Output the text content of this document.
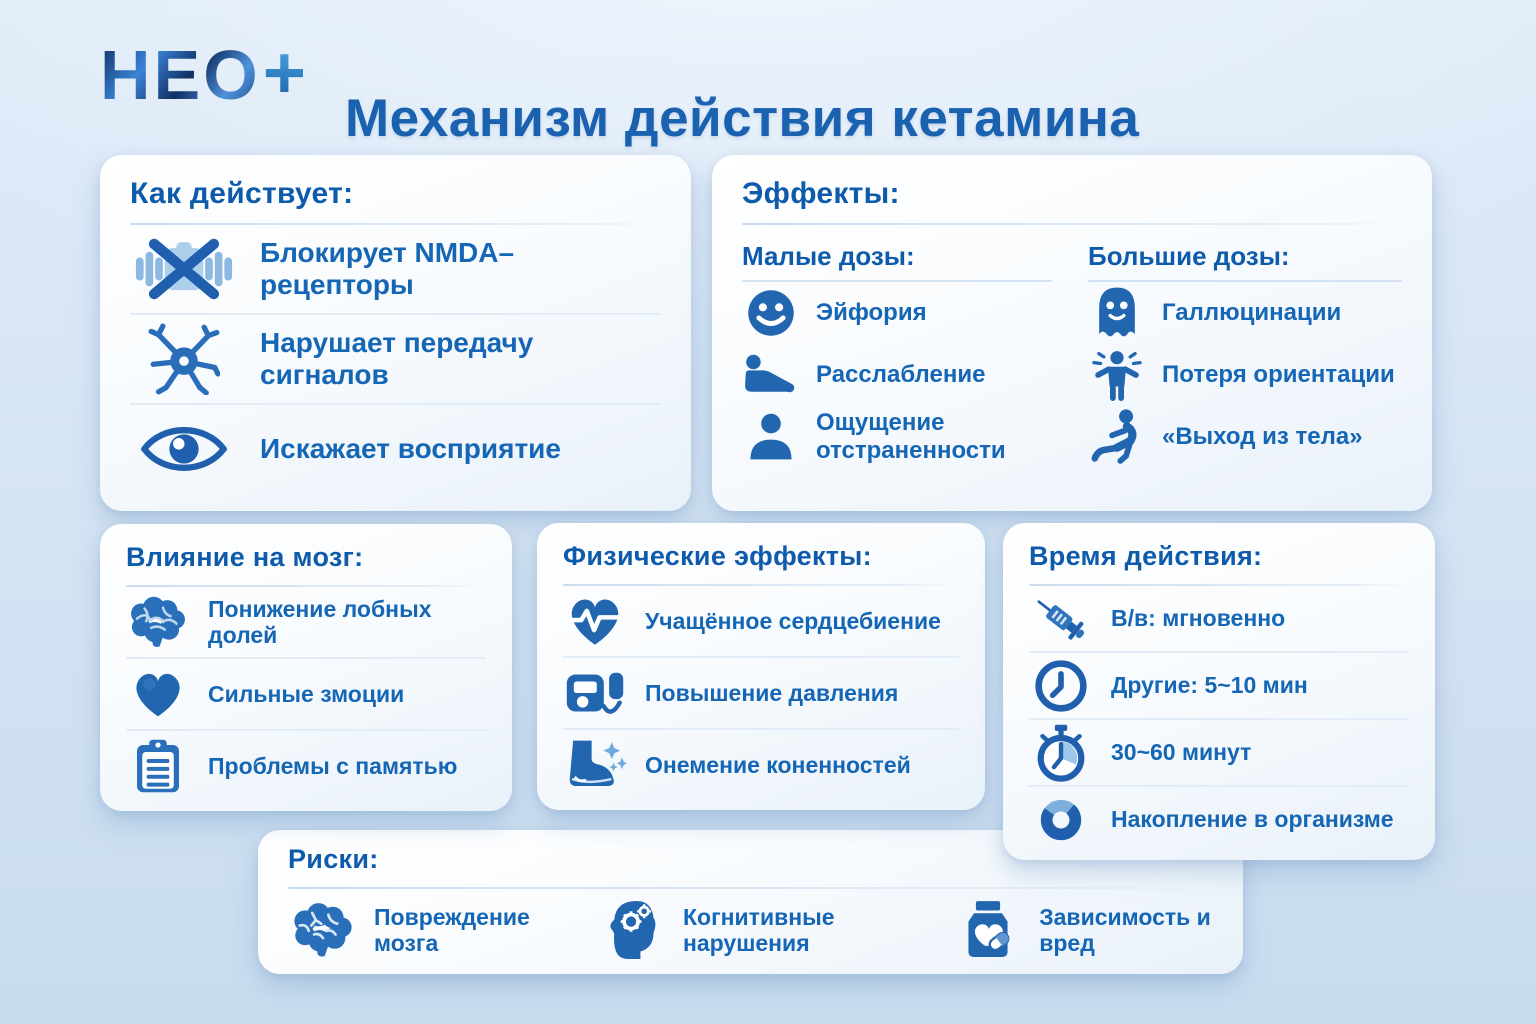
НЕО +
Механизм действия кетамина
Как действует:
Блокирует NMDA–рецепторы
Нарушает передачу сигналов
Искажает восприятие
Эффекты:
Малые дозы:
Эйфория
Расслабление
Ощущение отстраненности
Большие дозы:
Галлюцинации
Потеря ориентации
«Выход из тела»
Влияние на мозг:
Понижение лобных долей
Сильные змоции
Проблемы с памятью
Физические эффекты:
Учащённое сердцебиение
Повышение давления
Онемение коненностей
Время действия:
В/в: мгновенно
Другие: 5~10 мин
30~60 минут
Накопление в организме
Риски:
Повреждение мозга
Когнитивные нарушения
Зависимость и вред
